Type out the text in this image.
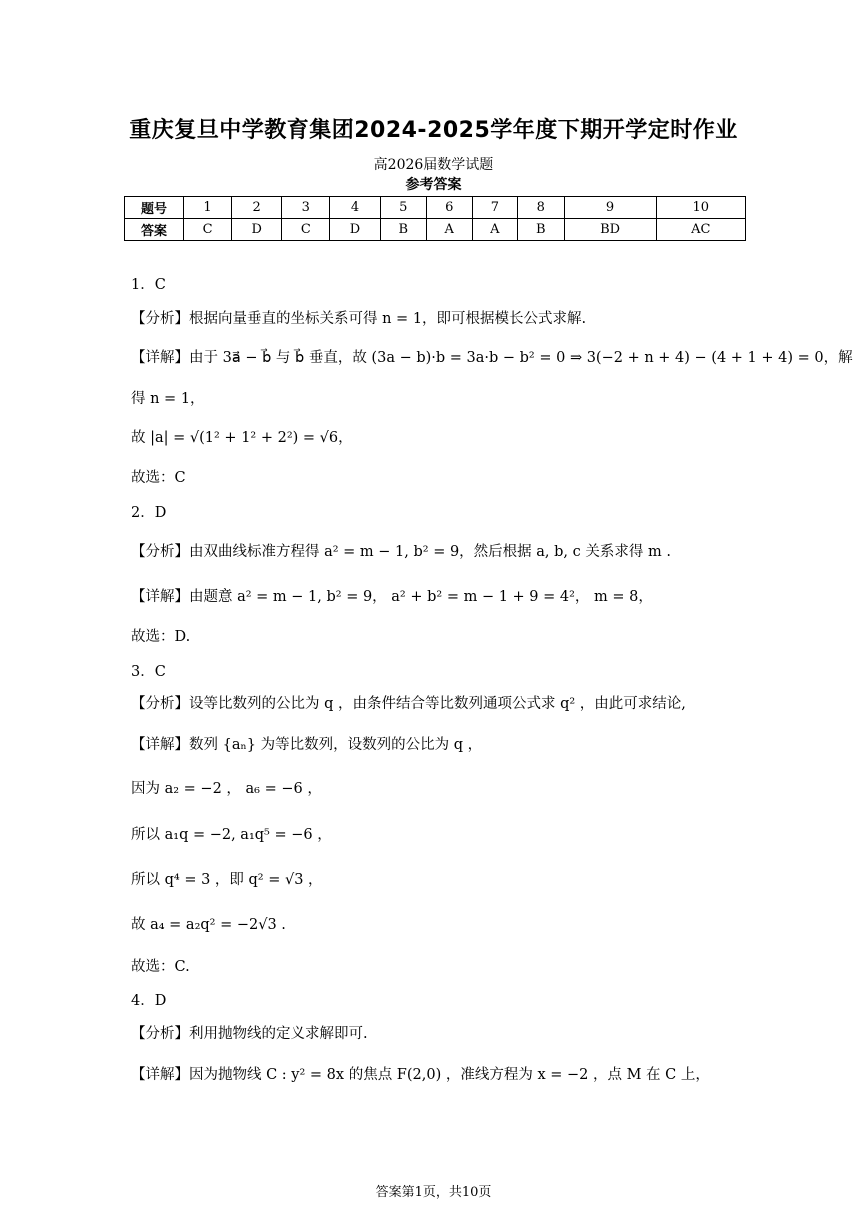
重庆复旦中学教育集团2024-2025学年度下期开学定时作业
高2026届数学试题
参考答案
题号	1	2	3	4	5	6	7	8	9	10
答案	C	D	C	D	B	A	A	B	BD	AC
1．C
【分析】根据向量垂直的坐标关系可得 n = 1，即可根据模长公式求解.
【详解】由于 3a⃗ − b⃗ 与 b⃗ 垂直，故 (3a − b)·b = 3a·b − b² = 0 ⇒ 3(−2 + n + 4) − (4 + 1 + 4) = 0，解
得 n = 1，
故 |a| = √(1² + 1² + 2²) = √6，
故选：C
2．D
【分析】由双曲线标准方程得 a² = m − 1, b² = 9，然后根据 a, b, c 关系求得 m .
【详解】由题意 a² = m − 1, b² = 9， a² + b² = m − 1 + 9 = 4²， m = 8，
故选：D.
3．C
【分析】设等比数列的公比为 q ，由条件结合等比数列通项公式求 q² ，由此可求结论,
【详解】数列 {aₙ} 为等比数列，设数列的公比为 q ，
因为 a₂ = −2 ， a₆ = −6 ，
所以 a₁q = −2, a₁q⁵ = −6 ，
所以 q⁴ = 3 ，即 q² = √3 ，
故 a₄ = a₂q² = −2√3 .
故选：C.
4．D
【分析】利用抛物线的定义求解即可.
【详解】因为抛物线 C : y² = 8x 的焦点 F(2,0) ，准线方程为 x = −2 ，点 M 在 C 上，
答案第1页，共10页
